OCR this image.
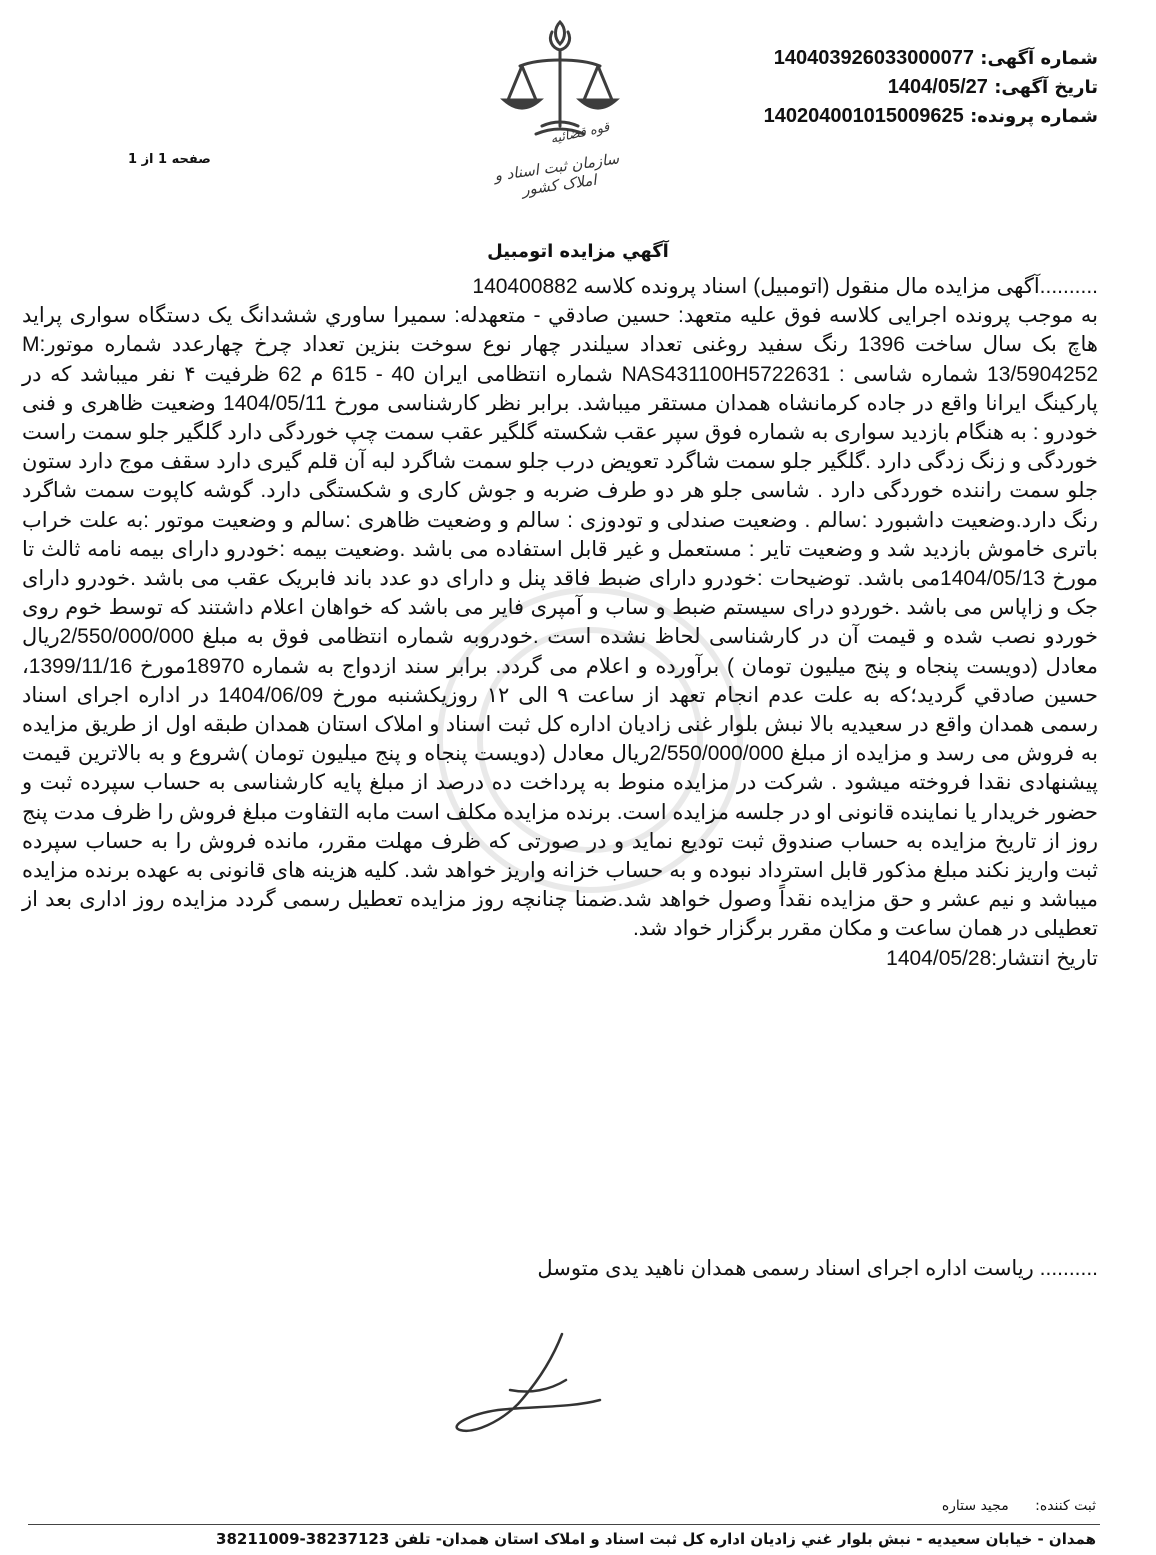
شماره آگهی: 140403926033000077
تاریخ آگهی: 1404/05/27
شماره پرونده: 140204001015009625
صفحه 1 از 1
قوه قضائیه
سازمان ثبت اسناد و املاک کشور
آگهي مزايده اتومبيل

..........آگهی مزایده مال منقول (اتومبیل) اسناد پرونده کلاسه 140400882

به موجب پرونده اجرایی کلاسه فوق علیه متعهد: حسین صادقي - متعهدله: سميرا ساوري ششدانگ یک دستگاه سواری پراید هاچ بک سال ساخت 1396 رنگ سفید روغنی تعداد سیلندر چهار نوع سوخت بنزین تعداد چرخ چهارعدد شماره موتور:M 13/5904252 شماره شاسی : NAS431100H5722631 شماره انتظامی ایران 40 - 615 م 62 ظرفیت ۴ نفر میباشد که در پارکینگ ایرانا واقع در جاده کرمانشاه همدان مستقر میباشد. برابر نظر کارشناسی مورخ 1404/05/11 وضعیت ظاهری و فنی خودرو : به هنگام بازدید سواری به شماره فوق سپر عقب شکسته گلگیر عقب سمت چپ خوردگی دارد گلگیر جلو سمت راست خوردگی و زنگ زدگی دارد .گلگیر جلو سمت شاگرد تعویض درب جلو سمت شاگرد لبه آن قلم گیری دارد سقف موج دارد ستون جلو سمت راننده خوردگی دارد . شاسی جلو هر دو طرف ضربه و جوش کاری و شکستگی دارد. گوشه کاپوت سمت شاگرد رنگ دارد.وضعیت داشبورد :سالم . وضعیت صندلی و تودوزی : سالم و وضعیت ظاهری :سالم و وضعیت موتور :به علت خراب باتری خاموش بازدید شد و وضعیت تایر : مستعمل و غیر قابل استفاده می باشد .وضعیت بیمه :خودرو دارای بیمه نامه ثالث تا مورخ 1404/05/13می باشد. توضیحات :خودرو دارای ضبط فاقد پنل و دارای دو عدد باند فابریک عقب می باشد .خودرو دارای جک و زاپاس می باشد .خوردو درای سیستم ضبط و ساب و آمپری فایر می باشد که خواهان اعلام داشتند که توسط خوم روی خوردو نصب شده و قیمت آن در کارشناسی لحاظ نشده است .خودروبه شماره انتظامی فوق به مبلغ 2/550/000/000ریال معادل (دویست پنجاه و پنج میلیون تومان ) برآورده و اعلام می گردد. برابر سند ازدواج به شماره 18970مورخ 1399/11/16، حسین صادقي گردید؛که به علت عدم انجام تعهد از ساعت ۹ الی ۱۲ روزیکشنبه مورخ 1404/06/09 در اداره اجرای اسناد رسمی همدان واقع در سعیدیه بالا نبش بلوار غنی زادیان اداره کل ثبت اسناد و املاک استان همدان طبقه اول از طریق مزایده به فروش می رسد و مزایده از مبلغ 2/550/000/000ریال معادل (دویست پنجاه و پنج میلیون تومان )شروع و به بالاترین قیمت پیشنهادی نقدا فروخته میشود . شرکت در مزایده منوط به پرداخت ده درصد از مبلغ پایه کارشناسی به حساب سپرده ثبت و حضور خریدار یا نماینده قانونی او در جلسه مزایده است. برنده مزایده مکلف است مابه التفاوت مبلغ فروش را ظرف مدت پنج روز از تاریخ مزایده به حساب صندوق ثبت تودیع نماید و در صورتی که ظرف مهلت مقرر، مانده فروش را به حساب سپرده ثبت واریز نکند مبلغ مذکور قابل استرداد نبوده و به حساب خزانه واریز خواهد شد. کلیه هزینه های قانونی به عهده برنده مزایده میباشد و نیم عشر و حق مزایده نقداً وصول خواهد شد.ضمنا چنانچه روز مزایده تعطیل رسمی گردد مزایده روز اداری بعد از تعطیلی در همان ساعت و مکان مقرر برگزار خواد شد.

تاریخ انتشار:1404/05/28

.......... ریاست اداره اجرای اسناد رسمی همدان ناهید یدی متوسل
ثبت کننده: مجید ستاره
همدان - خیابان سعیدیه - نبش بلوار غني زاديان اداره کل ثبت اسناد و املاک استان همدان- تلفن 38237123-38211009
